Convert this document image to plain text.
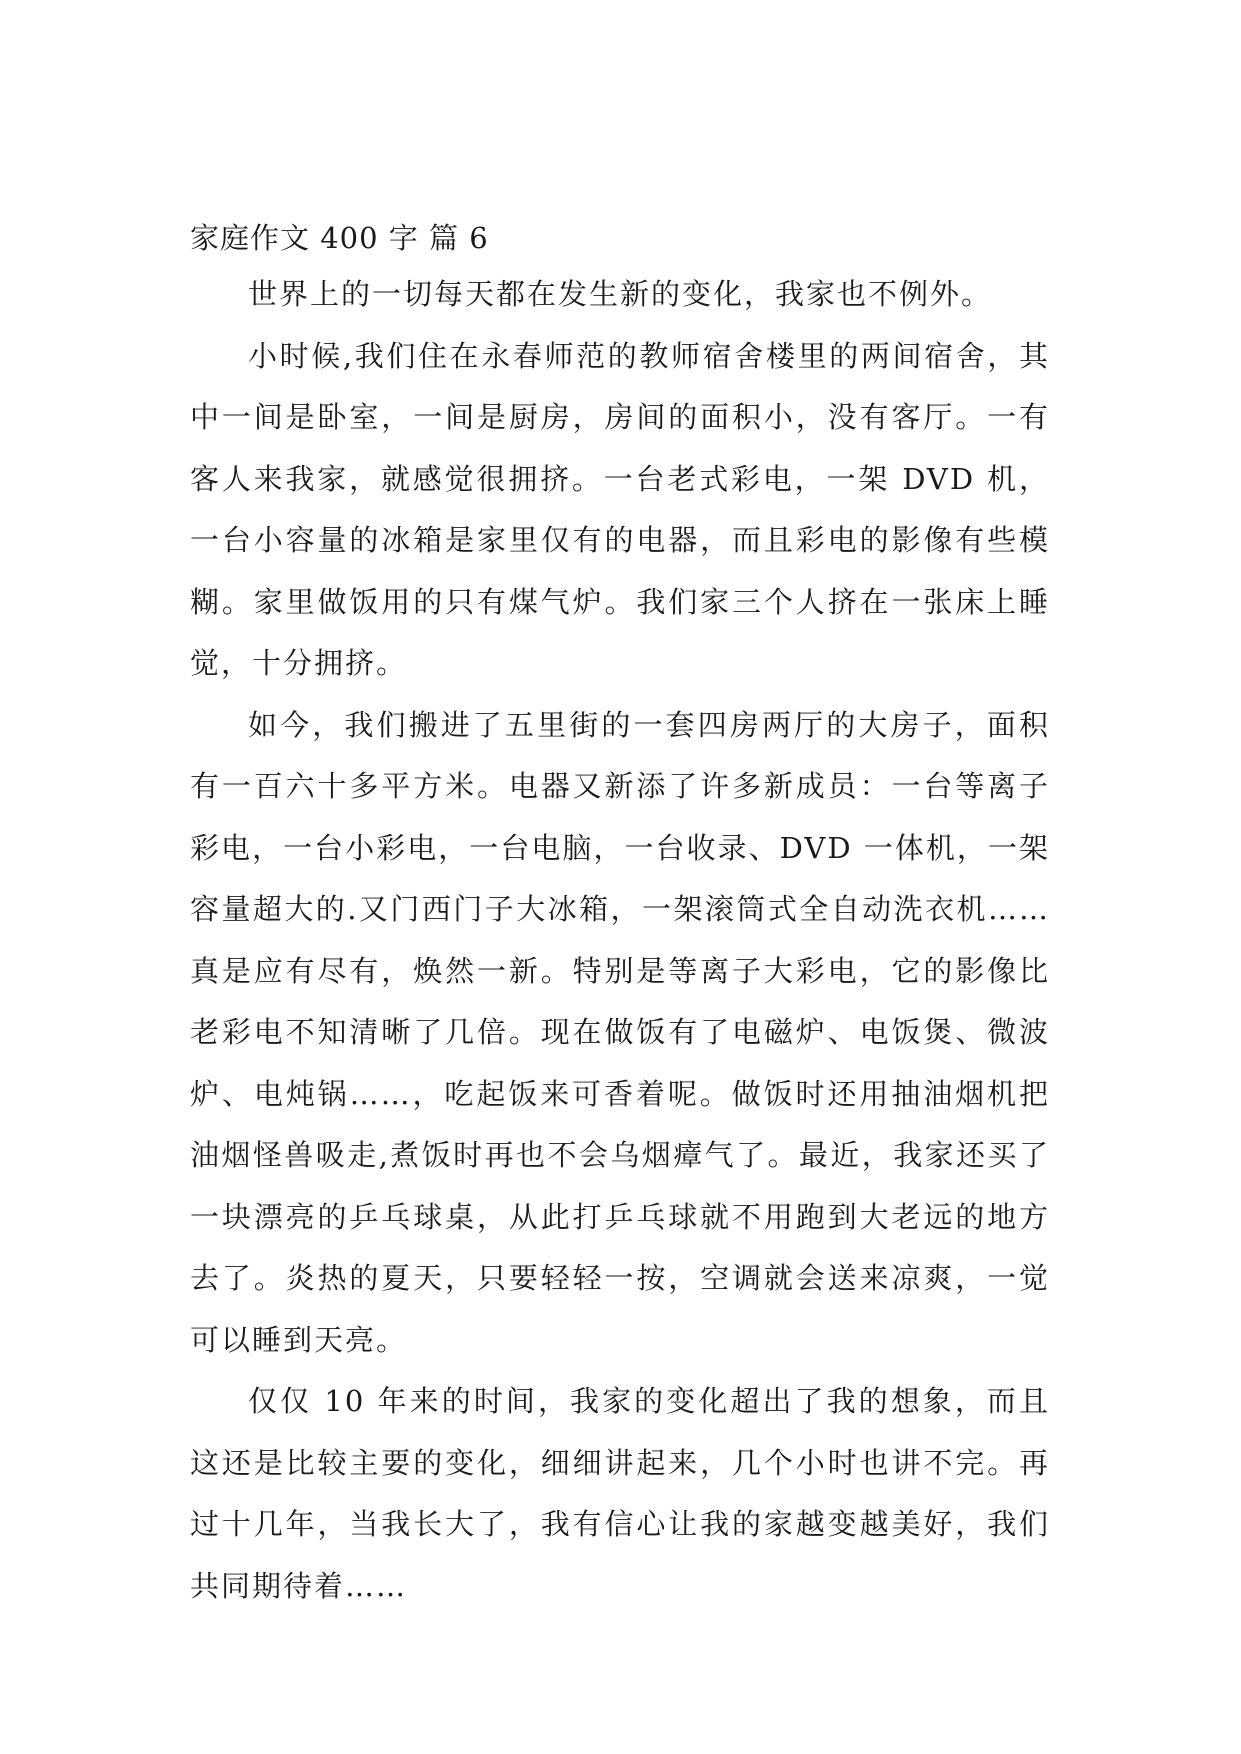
家庭作文 400 字 篇 6

世界上的一切每天都在发生新的变化，我家也不例外。

小时候,我们住在永春师范的教师宿舍楼里的两间宿舍，其中一间是卧室，一间是厨房，房间的面积小，没有客厅。一有客人来我家，就感觉很拥挤。一台老式彩电，一架 DVD 机，一台小容量的冰箱是家里仅有的电器，而且彩电的影像有些模糊。家里做饭用的只有煤气炉。我们家三个人挤在一张床上睡觉，十分拥挤。

如今，我们搬进了五里街的一套四房两厅的大房子，面积有一百六十多平方米。电器又新添了许多新成员：一台等离子彩电，一台小彩电，一台电脑，一台收录、DVD 一体机，一架容量超大的.又门西门子大冰箱，一架滚筒式全自动洗衣机……真是应有尽有，焕然一新。特别是等离子大彩电，它的影像比老彩电不知清晰了几倍。现在做饭有了电磁炉、电饭煲、微波炉、电炖锅……，吃起饭来可香着呢。做饭时还用抽油烟机把油烟怪兽吸走,煮饭时再也不会乌烟瘴气了。最近，我家还买了一块漂亮的乒乓球桌，从此打乒乓球就不用跑到大老远的地方去了。炎热的夏天，只要轻轻一按，空调就会送来凉爽，一觉可以睡到天亮。

仅仅 10 年来的时间，我家的变化超出了我的想象，而且这还是比较主要的变化，细细讲起来，几个小时也讲不完。再过十几年，当我长大了，我有信心让我的家越变越美好，我们共同期待着……
